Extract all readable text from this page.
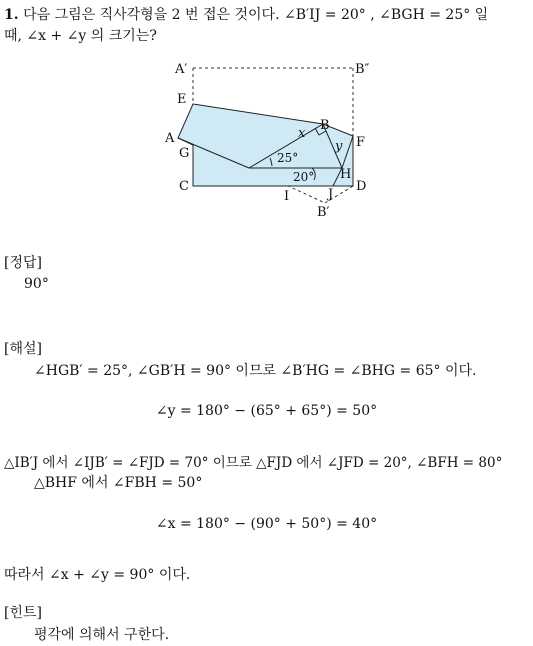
1. 다음 그림은 직사각형을 2 번 접은 것이다. ∠B′IJ = 20° , ∠BGH = 25° 일
때, ∠x + ∠y 의 크기는?
A′	B″
E
A
G
C
B
F
x
y
25°
H
20°
D
I	J
B′
[정답]
90°
[해설]
∠HGB′ = 25°, ∠GB′H = 90° 이므로 ∠B′HG = ∠BHG = 65° 이다.
∠y = 180° − (65° + 65°) = 50°
△IB′J 에서 ∠IJB′ = ∠FJD = 70° 이므로 △FJD 에서 ∠JFD = 20°, ∠BFH = 80°
△BHF 에서 ∠FBH = 50°
∠x = 180° − (90° + 50°) = 40°
따라서 ∠x + ∠y = 90° 이다.
[힌트]
평각에 의해서 구한다.
